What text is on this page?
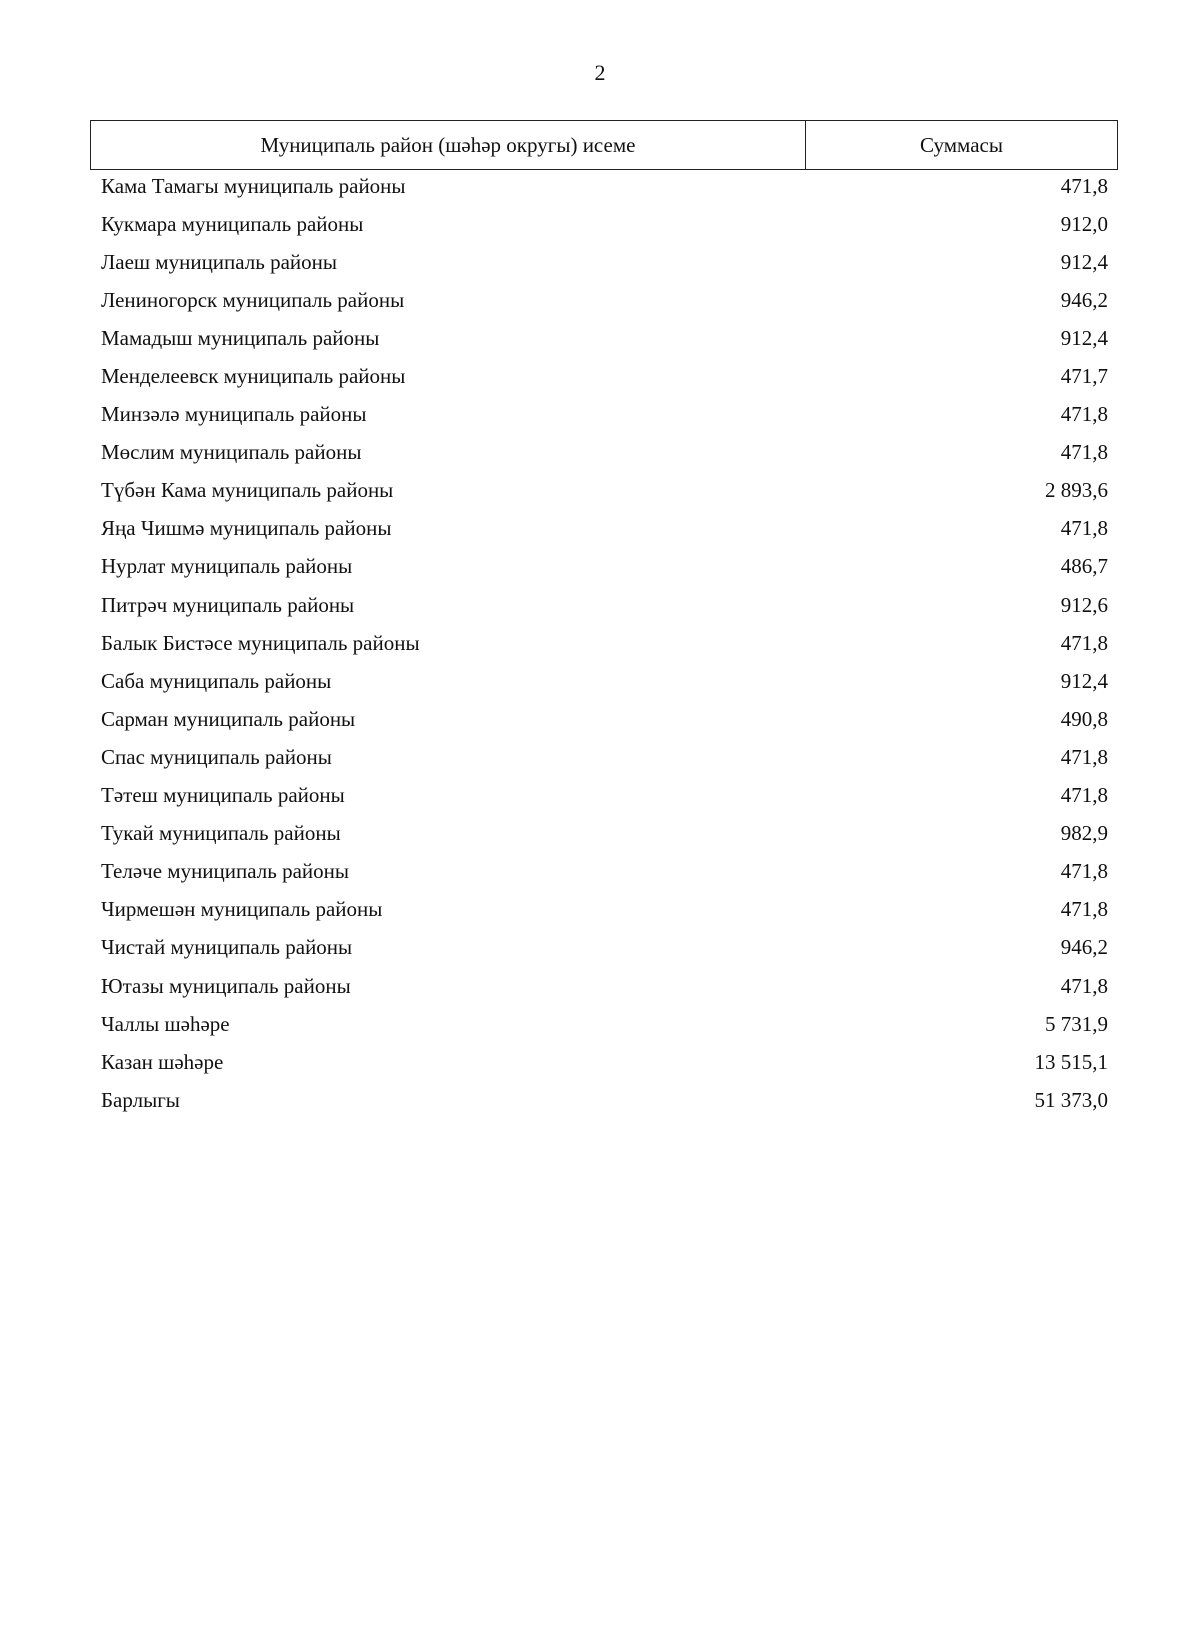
2
Муниципаль район (шәһәр округы) исеме	Суммасы
Кама Тамагы муниципаль районы	471,8
Кукмара муниципаль районы	912,0
Лаеш муниципаль районы	912,4
Лениногорск муниципаль районы	946,2
Мамадыш муниципаль районы	912,4
Менделеевск муниципаль районы	471,7
Минзәлә муниципаль районы	471,8
Мөслим муниципаль районы	471,8
Түбән Кама муниципаль районы	2 893,6
Яңа Чишмә муниципаль районы	471,8
Нурлат муниципаль районы	486,7
Питрәч муниципаль районы	912,6
Балык Бистәсе муниципаль районы	471,8
Саба муниципаль районы	912,4
Сарман муниципаль районы	490,8
Спас муниципаль районы	471,8
Тәтеш муниципаль районы	471,8
Тукай муниципаль районы	982,9
Теләче муниципаль районы	471,8
Чирмешән муниципаль районы	471,8
Чистай муниципаль районы	946,2
Ютазы муниципаль районы	471,8
Чаллы шәһәре	5 731,9
Казан шәһәре	13 515,1
Барлыгы	51 373,0
